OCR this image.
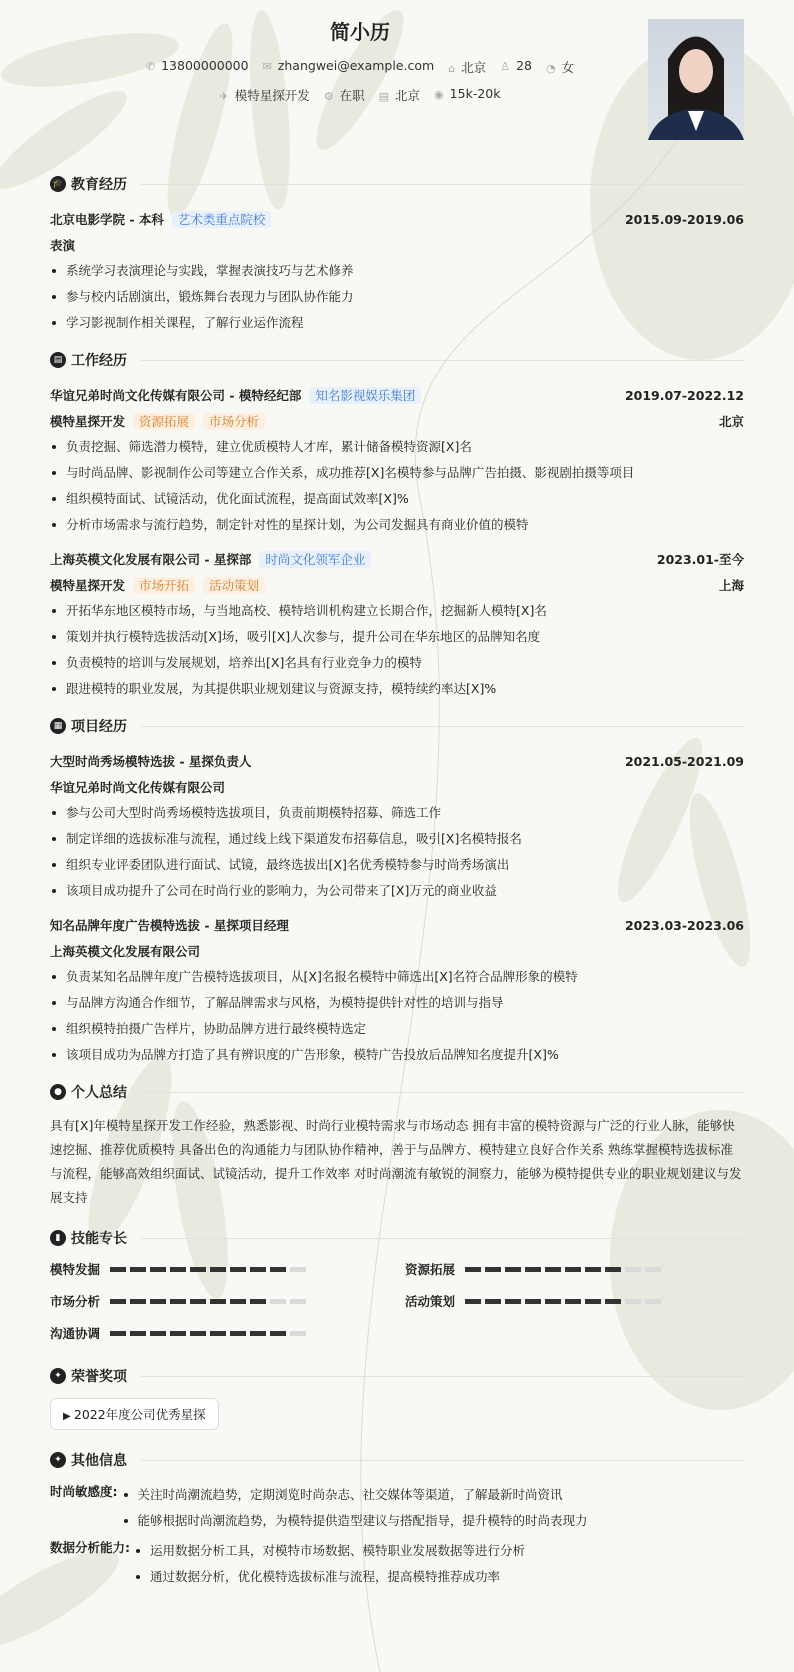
简小历
✆ 13800000000 ✉ zhangwei@example.com ⌂ 北京 ♙ 28 ◔ 女
✈ 模特星探开发 ⚙ 在职 ▤ 北京 ◉ 15k-20k
🎓 教育经历
北京电影学院 - 本科 艺术类重点院校	2015.09-2019.06
表演
系统学习表演理论与实践，掌握表演技巧与艺术修养
参与校内话剧演出，锻炼舞台表现力与团队协作能力
学习影视制作相关课程，了解行业运作流程
▤ 工作经历
华谊兄弟时尚文化传媒有限公司 - 模特经纪部 知名影视娱乐集团	2019.07-2022.12
模特星探开发 资源拓展 市场分析	北京
负责挖掘、筛选潜力模特，建立优质模特人才库，累计储备模特资源[X]名
与时尚品牌、影视制作公司等建立合作关系，成功推荐[X]名模特参与品牌广告拍摄、影视剧拍摄等项目
组织模特面试、试镜活动，优化面试流程，提高面试效率[X]%
分析市场需求与流行趋势，制定针对性的星探计划，为公司发掘具有商业价值的模特
上海英模文化发展有限公司 - 星探部 时尚文化领军企业	2023.01-至今
模特星探开发 市场开拓 活动策划	上海
开拓华东地区模特市场，与当地高校、模特培训机构建立长期合作，挖掘新人模特[X]名
策划并执行模特选拔活动[X]场，吸引[X]人次参与，提升公司在华东地区的品牌知名度
负责模特的培训与发展规划，培养出[X]名具有行业竞争力的模特
跟进模特的职业发展，为其提供职业规划建议与资源支持，模特续约率达[X]%
▦ 项目经历
大型时尚秀场模特选拔 - 星探负责人	2021.05-2021.09
华谊兄弟时尚文化传媒有限公司
参与公司大型时尚秀场模特选拔项目，负责前期模特招募、筛选工作
制定详细的选拔标准与流程，通过线上线下渠道发布招募信息，吸引[X]名模特报名
组织专业评委团队进行面试、试镜，最终选拔出[X]名优秀模特参与时尚秀场演出
该项目成功提升了公司在时尚行业的影响力，为公司带来了[X]万元的商业收益
知名品牌年度广告模特选拔 - 星探项目经理	2023.03-2023.06
上海英模文化发展有限公司
负责某知名品牌年度广告模特选拔项目，从[X]名报名模特中筛选出[X]名符合品牌形象的模特
与品牌方沟通合作细节，了解品牌需求与风格，为模特提供针对性的培训与指导
组织模特拍摄广告样片，协助品牌方进行最终模特选定
该项目成功为品牌方打造了具有辨识度的广告形象，模特广告投放后品牌知名度提升[X]%
● 个人总结

具有[X]年模特星探开发工作经验，熟悉影视、时尚行业模特需求与市场动态 拥有丰富的模特资源与广泛的行业人脉，能够快速挖掘、推荐优质模特 具备出色的沟通能力与团队协作精神，善于与品牌方、模特建立良好合作关系 熟练掌握模特选拔标准与流程，能够高效组织面试、试镜活动，提升工作效率 对时尚潮流有敏锐的洞察力，能够为模特提供专业的职业规划建议与发展支持

▮ 技能专长
模特发掘	资源拓展
市场分析	活动策划
沟通协调
✦ 荣誉奖项
▶ 2022年度公司优秀星探
✦ 其他信息
时尚敏感度:	关注时尚潮流趋势，定期浏览时尚杂志、社交媒体等渠道，了解最新时尚资讯
能够根据时尚潮流趋势，为模特提供造型建议与搭配指导，提升模特的时尚表现力
数据分析能力:	运用数据分析工具，对模特市场数据、模特职业发展数据等进行分析
通过数据分析，优化模特选拔标准与流程，提高模特推荐成功率
